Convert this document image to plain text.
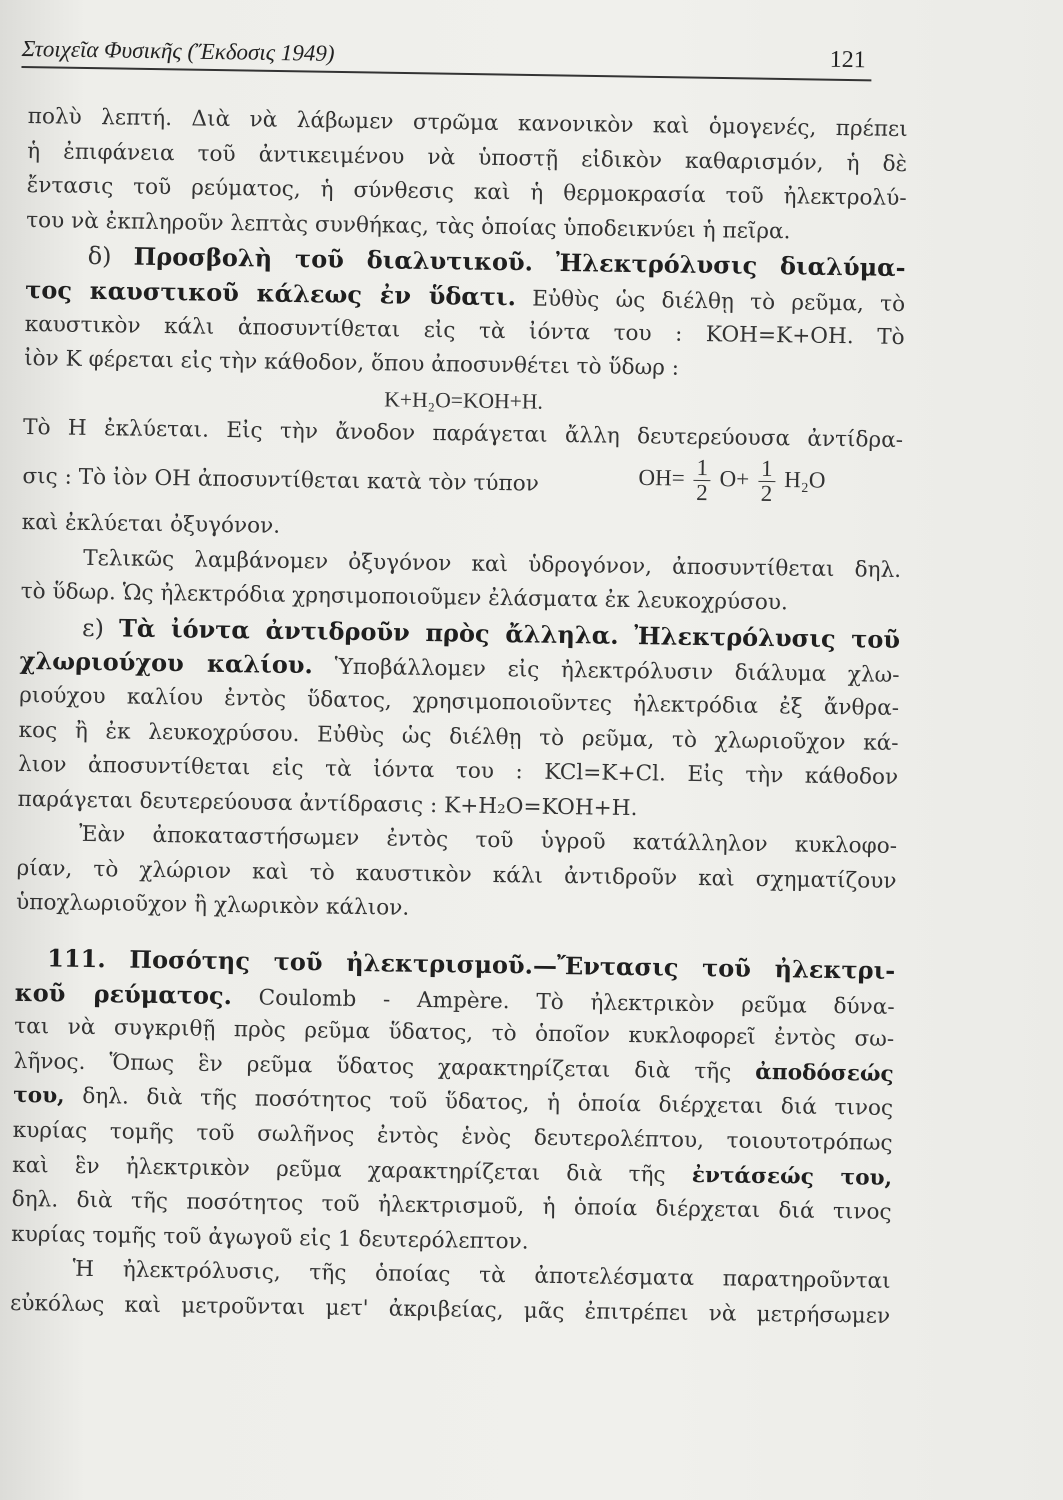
Στοιχεῖα Φυσικῆς (Ἔκδοσις 1949)	121
πολὺ λεπτή. Διὰ νὰ λάβωμεν στρῶμα κανονικὸν καὶ ὁμογενές, πρέπει
ἡ ἐπιφάνεια τοῦ ἀντικειμένου νὰ ὑποστῇ εἰδικὸν καθαρισμόν, ἡ δὲ
ἔντασις τοῦ ρεύματος, ἡ σύνθεσις καὶ ἡ θερμοκρασία τοῦ ἠλεκτρολύ-
του νὰ ἐκπληροῦν λεπτὰς συνθήκας, τὰς ὁποίας ὑποδεικνύει ἡ πεῖρα.
δ) Προσβολὴ τοῦ διαλυτικοῦ. Ἠλεκτρόλυσις διαλύμα-
τος καυστικοῦ κάλεως ἐν ὕδατι. Εὐθὺς ὡς διέλθῃ τὸ ρεῦμα, τὸ
καυστικὸν κάλι ἀποσυντίθεται εἰς τὰ ἰόντα του : KOH=K+OH. Τὸ
ἰὸν K φέρεται εἰς τὴν κάθοδον, ὅπου ἀποσυνθέτει τὸ ὕδωρ :
K+H₂O=KOH+H.
Τὸ H ἐκλύεται. Εἰς τὴν ἄνοδον παράγεται ἄλλη δευτερεύουσα ἀντίδρα-
σις : Τὸ ἰὸν OH ἀποσυντίθεται κατὰ τὸν τύπον	$OH= \frac{1}{2} O+ \frac{1}{2} H_2O$
καὶ ἐκλύεται ὀξυγόνον.
Τελικῶς λαμβάνομεν ὀξυγόνον καὶ ὑδρογόνον, ἀποσυντίθεται δηλ.
τὸ ὕδωρ. Ὡς ἠλεκτρόδια χρησιμοποιοῦμεν ἐλάσματα ἐκ λευκοχρύσου.
ε) Τὰ ἰόντα ἀντιδροῦν πρὸς ἄλληλα. Ἠλεκτρόλυσις τοῦ
χλωριούχου καλίου. Ὑποβάλλομεν εἰς ἠλεκτρόλυσιν διάλυμα χλω-
ριούχου καλίου ἐντὸς ὕδατος, χρησιμοποιοῦντες ἠλεκτρόδια ἐξ ἄνθρα-
κος ἢ ἐκ λευκοχρύσου. Εὐθὺς ὡς διέλθῃ τὸ ρεῦμα, τὸ χλωριοῦχον κά-
λιον ἀποσυντίθεται εἰς τὰ ἰόντα του : KCl=K+Cl. Εἰς τὴν κάθοδον
παράγεται δευτερεύουσα ἀντίδρασις : K+H₂O=KOH+H.
Ἐὰν ἀποκαταστήσωμεν ἐντὸς τοῦ ὑγροῦ κατάλληλον κυκλοφο-
ρίαν, τὸ χλώριον καὶ τὸ καυστικὸν κάλι ἀντιδροῦν καὶ σχηματίζουν
ὑποχλωριοῦχον ἢ χλωρικὸν κάλιον.
111. Ποσότης τοῦ ἠλεκτρισμοῦ.—Ἔντασις τοῦ ἠλεκτρι-
κοῦ ρεύματος. Coulomb - Ampère. Τὸ ἠλεκτρικὸν ρεῦμα δύνα-
ται νὰ συγκριθῇ πρὸς ρεῦμα ὕδατος, τὸ ὁποῖον κυκλοφορεῖ ἐντὸς σω-
λῆνος. Ὅπως ἓν ρεῦμα ὕδατος χαρακτηρίζεται διὰ τῆς ἀποδόσεώς
του, δηλ. διὰ τῆς ποσότητος τοῦ ὕδατος, ἡ ὁποία διέρχεται διά τινος
κυρίας τομῆς τοῦ σωλῆνος ἐντὸς ἑνὸς δευτερολέπτου, τοιουτοτρόπως
καὶ ἓν ἠλεκτρικὸν ρεῦμα χαρακτηρίζεται διὰ τῆς ἐντάσεώς του,
δηλ. διὰ τῆς ποσότητος τοῦ ἠλεκτρισμοῦ, ἡ ὁποία διέρχεται διά τινος
κυρίας τομῆς τοῦ ἀγωγοῦ εἰς 1 δευτερόλεπτον.
Ἡ ἠλεκτρόλυσις, τῆς ὁποίας τὰ ἀποτελέσματα παρατηροῦνται
εὐκόλως καὶ μετροῦνται μετ' ἀκριβείας, μᾶς ἐπιτρέπει νὰ μετρήσωμεν
